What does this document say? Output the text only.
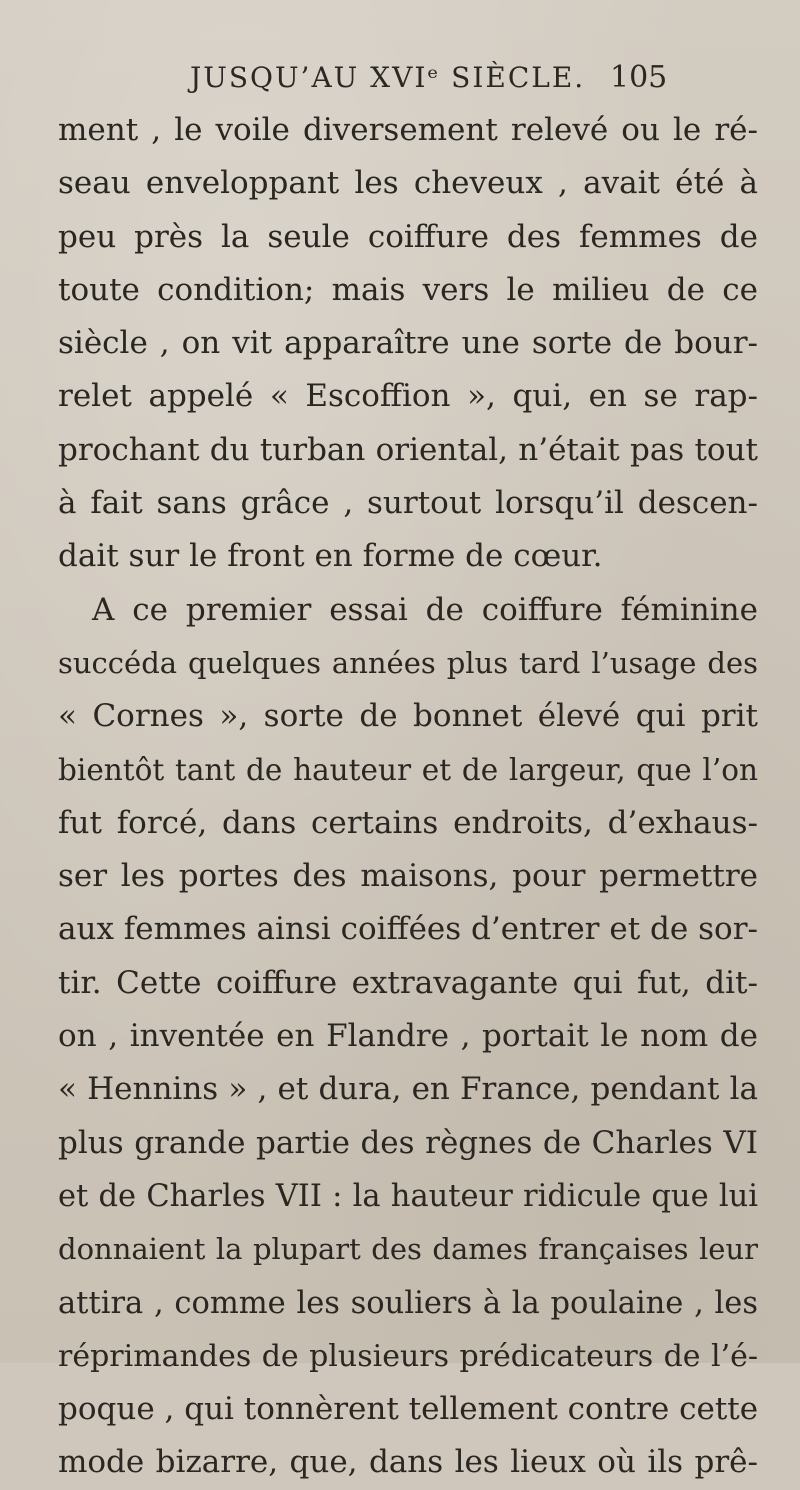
JUSQU’AU XVIᵉ SIÈCLE. 105
ment , le voile diversement relevé ou le ré-
seau enveloppant les cheveux , avait été à
peu près la seule coiffure des femmes de
toute condition; mais vers le milieu de ce
siècle , on vit apparaître une sorte de bour-
relet appelé « Escoffion », qui, en se rap-
prochant du turban oriental, n’était pas tout
à fait sans grâce , surtout lorsqu’il descen-
dait sur le front en forme de cœur.
A ce premier essai de coiffure féminine
succéda quelques années plus tard l’usage des
« Cornes », sorte de bonnet élevé qui prit
bientôt tant de hauteur et de largeur, que l’on
fut forcé, dans certains endroits, d’exhaus-
ser les portes des maisons, pour permettre
aux femmes ainsi coiffées d’entrer et de sor-
tir. Cette coiffure extravagante qui fut, dit-
on , inventée en Flandre , portait le nom de
« Hennins » , et dura, en France, pendant la
plus grande partie des règnes de Charles VI
et de Charles VII : la hauteur ridicule que lui
donnaient la plupart des dames françaises leur
attira , comme les souliers à la poulaine , les
réprimandes de plusieurs prédicateurs de l’é-
poque , qui tonnèrent tellement contre cette
mode bizarre, que, dans les lieux où ils prê-
